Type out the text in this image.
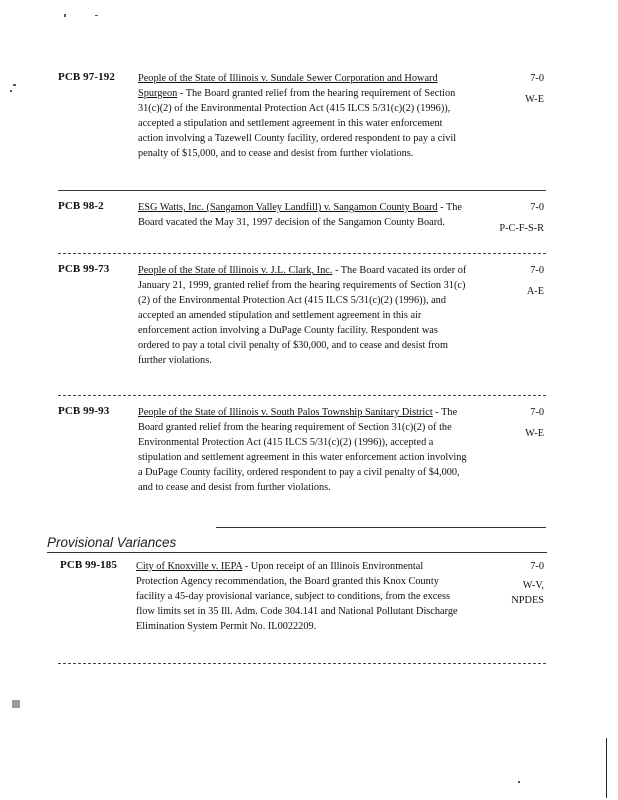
PCB 97-192	People of the State of Illinois v. Sundale Sewer Corporation and Howard Spurgeon - The Board granted relief from the hearing requirement of Section 31(c)(2) of the Environmental Protection Act (415 ILCS 5/31(c)(2) (1996)), accepted a stipulation and settlement agreement in this water enforcement action involving a Tazewell County facility, ordered respondent to pay a civil penalty of $15,000, and to cease and desist from further violations.
7-0
W-E
PCB 98-2	ESG Watts, Inc. (Sangamon Valley Landfill) v. Sangamon County Board - The Board vacated the May 31, 1997 decision of the Sangamon County Board.
7-0
P-C-F-S-R
PCB 99-73	People of the State of Illinois v. J.L. Clark, Inc. - The Board vacated its order of January 21, 1999, granted relief from the hearing requirements of Section 31(c)(2) of the Environmental Protection Act (415 ILCS 5/31(c)(2) (1996)), and accepted an amended stipulation and settlement agreement in this air enforcement action involving a DuPage County facility. Respondent was ordered to pay a total civil penalty of $30,000, and to cease and desist from further violations.
7-0
A-E
PCB 99-93	People of the State of Illinois v. South Palos Township Sanitary District - The Board granted relief from the hearing requirement of Section 31(c)(2) of the Environmental Protection Act (415 ILCS 5/31(c)(2) (1996)), accepted a stipulation and settlement agreement in this water enforcement action involving a DuPage County facility, ordered respondent to pay a civil penalty of $4,000, and to cease and desist from further violations.
7-0
W-E
Provisional Variances
PCB 99-185	City of Knoxville v. IEPA - Upon receipt of an Illinois Environmental Protection Agency recommendation, the Board granted this Knox County facility a 45-day provisional variance, subject to conditions, from the excess flow limits set in 35 Ill. Adm. Code 304.141 and National Pollutant Discharge Elimination System Permit No. IL0022209.
7-0
W-V,
NPDES
